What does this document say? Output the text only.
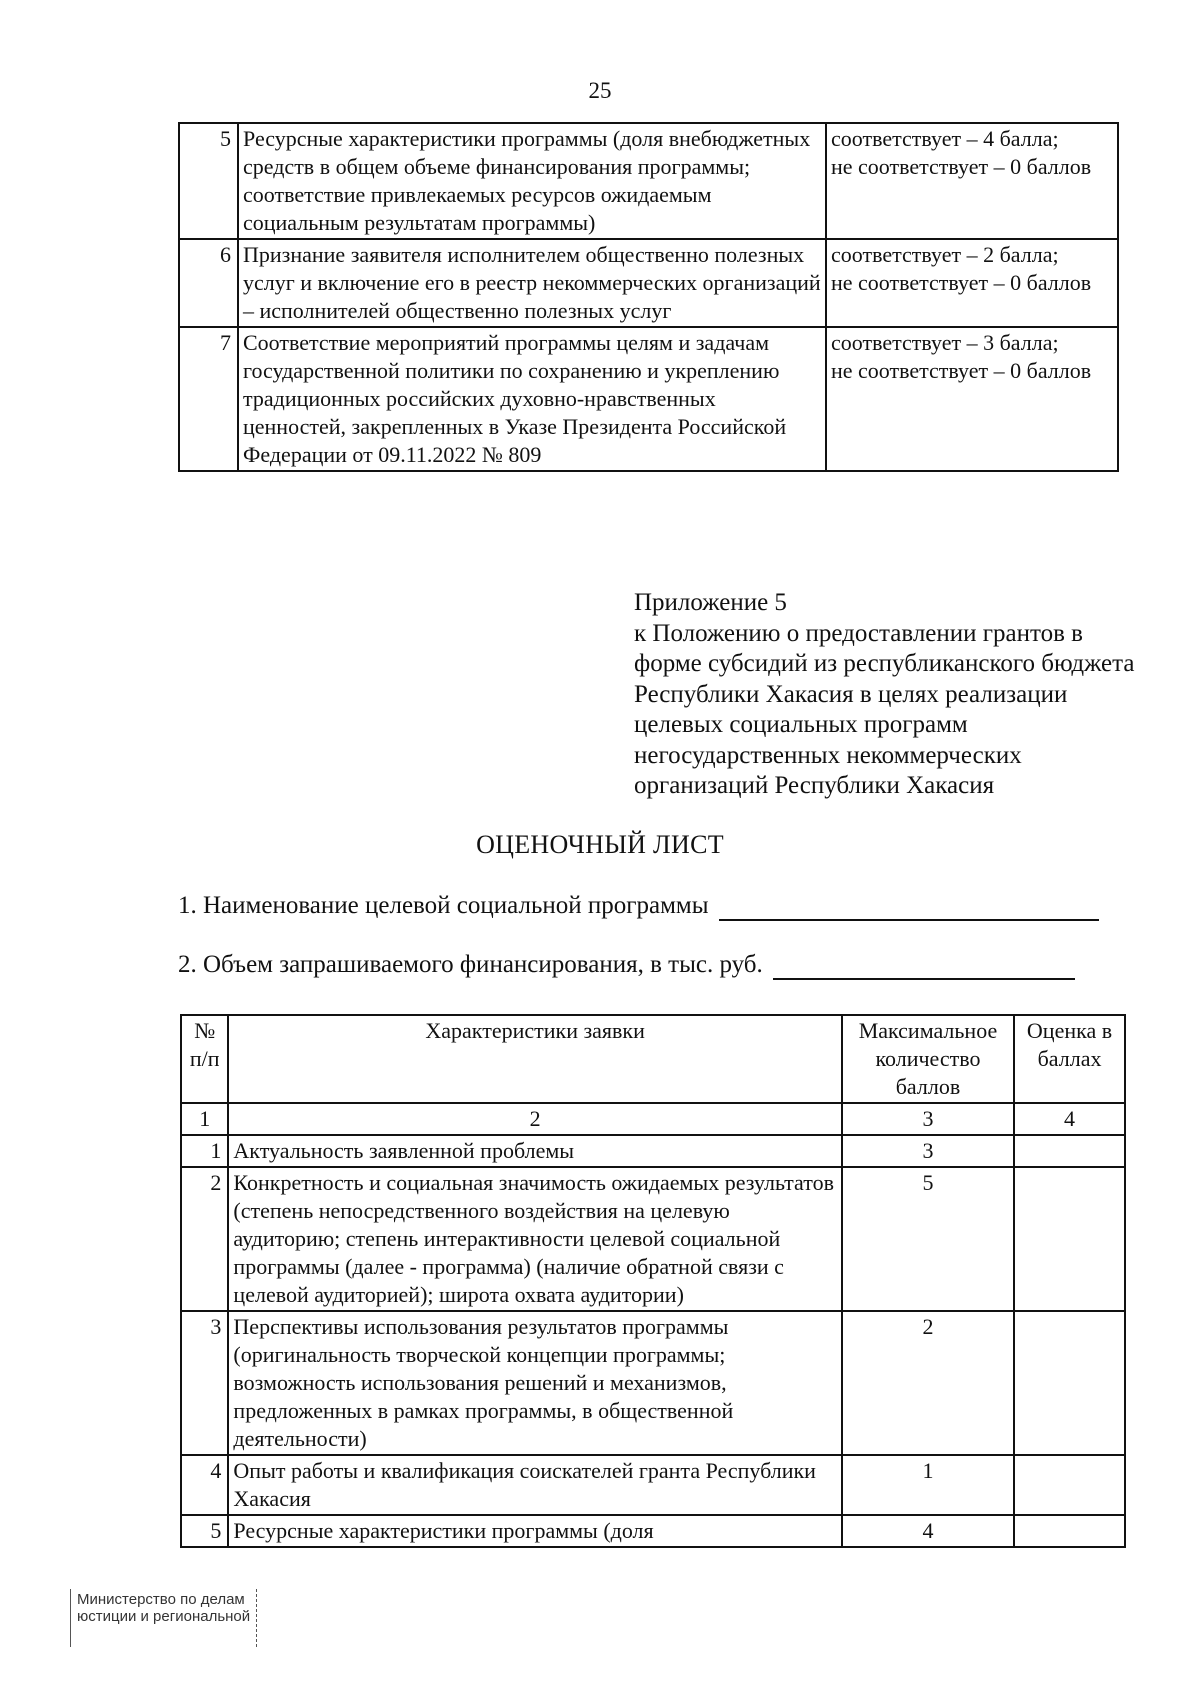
25
5	Ресурсные характеристики программы (доля внебюджетных средств в общем объеме финансирования программы; соответствие привлекаемых ресурсов ожидаемым социальным результатам программы)	соответствует – 4 балла;
не соответствует – 0 баллов

6	Признание заявителя исполнителем общественно полезных услуг и включение его в реестр некоммерческих организаций – исполнителей общественно полезных услуг	соответствует – 2 балла;
не соответствует – 0 баллов

7	Соответствие мероприятий программы целям и задачам государственной политики по сохранению и укреплению традиционных российских духовно-нравственных ценностей, закрепленных в Указе Президента Российской Федерации от 09.11.2022 № 809	соответствует – 3 балла;
не соответствует – 0 баллов
Приложение 5
к Положению о предоставлении грантов в форме субсидий из республиканского бюджета Республики Хакасия в целях реализации целевых социальных программ негосударственных некоммерческих организаций Республики Хакасия
ОЦЕНОЧНЫЙ ЛИСТ
1. Наименование целевой социальной программы
2. Объем запрашиваемого финансирования, в тыс. руб.
№ п/п	Характеристики заявки	Максимальное количество баллов	Оценка в баллах
1	2	3	4
1	Актуальность заявленной проблемы	3	
2	Конкретность и социальная значимость ожидаемых результатов (степень непосредственного воздействия на целевую аудиторию; степень интерактивности целевой социальной программы (далее - программа) (наличие обратной связи с целевой аудиторией); широта охвата аудитории)	5	
3	Перспективы использования результатов программы (оригинальность творческой концепции программы; возможность использования решений и механизмов, предложенных в рамках программы, в общественной деятельности)	2	
4	Опыт работы и квалификация соискателей гранта Республики Хакасия	1	
5	Ресурсные характеристики программы (доля	4	
Министерство по делам
юстиции и региональной
